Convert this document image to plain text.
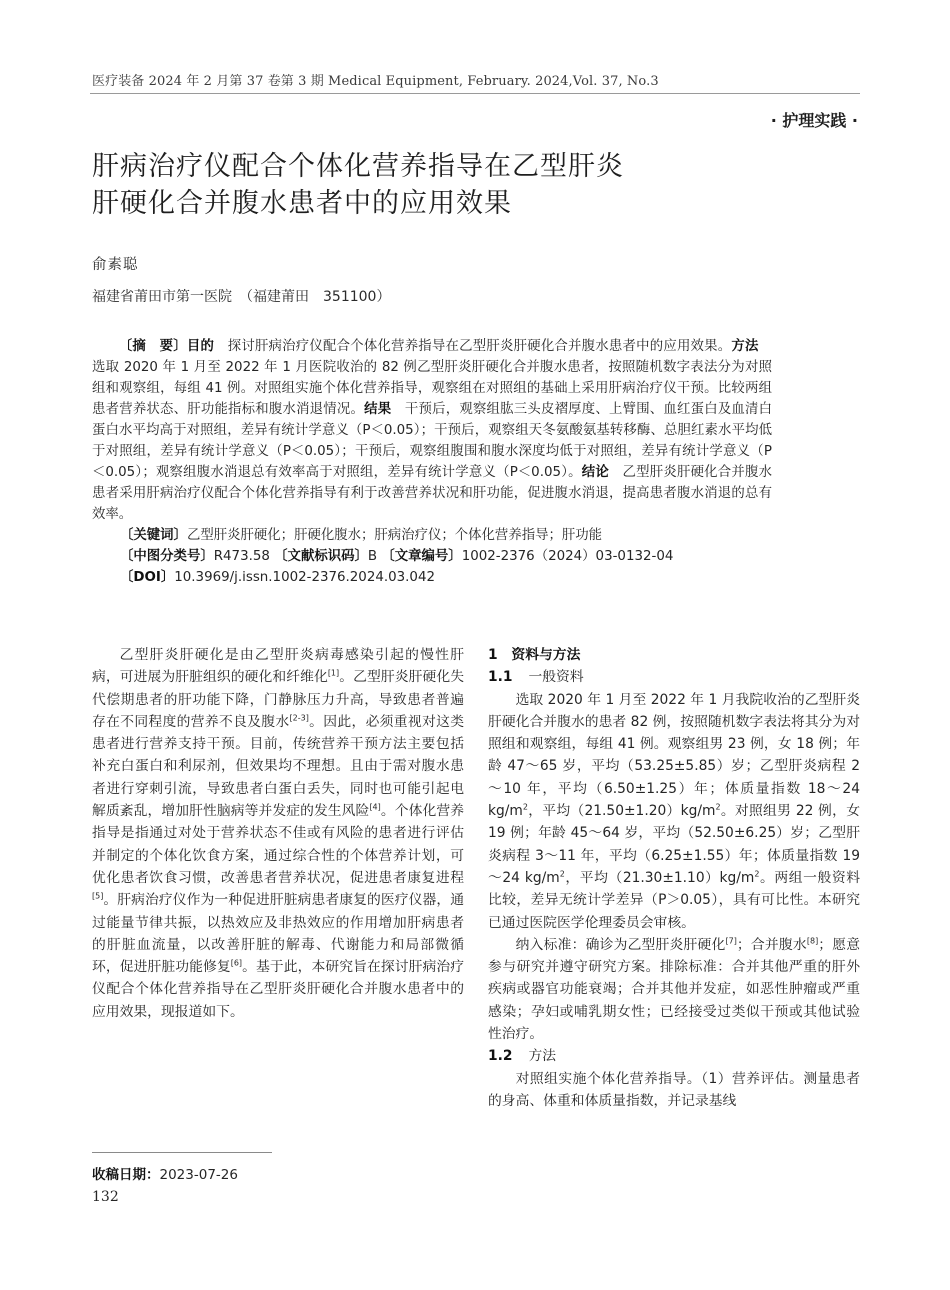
医疗装备 2024 年 2 月第 37 卷第 3 期 Medical Equipment, February. 2024,Vol. 37, No.3
· 护理实践 ·
肝病治疗仪配合个体化营养指导在乙型肝炎
肝硬化合并腹水患者中的应用效果
俞素聪
福建省莆田市第一医院　（福建莆田　351100）

〔摘　要〕目的　探讨肝病治疗仪配合个体化营养指导在乙型肝炎肝硬化合并腹水患者中的应用效果。方法　选取 2020 年 1 月至 2022 年 1 月医院收治的 82 例乙型肝炎肝硬化合并腹水患者，按照随机数字表法分为对照组和观察组，每组 41 例。对照组实施个体化营养指导，观察组在对照组的基础上采用肝病治疗仪干预。比较两组患者营养状态、肝功能指标和腹水消退情况。结果　干预后，观察组肱三头皮褶厚度、上臂围、血红蛋白及血清白蛋白水平均高于对照组，差异有统计学意义（P＜0.05）；干预后，观察组天冬氨酸氨基转移酶、总胆红素水平均低于对照组，差异有统计学意义（P＜0.05）；干预后，观察组腹围和腹水深度均低于对照组，差异有统计学意义（P＜0.05）；观察组腹水消退总有效率高于对照组，差异有统计学意义（P＜0.05）。结论　乙型肝炎肝硬化合并腹水患者采用肝病治疗仪配合个体化营养指导有利于改善营养状况和肝功能，促进腹水消退，提高患者腹水消退的总有效率。

〔关键词〕乙型肝炎肝硬化；肝硬化腹水；肝病治疗仪；个体化营养指导；肝功能
〔中图分类号〕R473.58 〔文献标识码〕B 〔文章编号〕1002-2376（2024）03-0132-04
〔DOI〕10.3969/j.issn.1002-2376.2024.03.042

乙型肝炎肝硬化是由乙型肝炎病毒感染引起的慢性肝病，可进展为肝脏组织的硬化和纤维化[1]。乙型肝炎肝硬化失代偿期患者的肝功能下降，门静脉压力升高，导致患者普遍存在不同程度的营养不良及腹水[2-3]。因此，必须重视对这类患者进行营养支持干预。目前，传统营养干预方法主要包括补充白蛋白和利尿剂，但效果均不理想。且由于需对腹水患者进行穿刺引流，导致患者白蛋白丢失，同时也可能引起电解质紊乱，增加肝性脑病等并发症的发生风险[4]。个体化营养指导是指通过对处于营养状态不佳或有风险的患者进行评估并制定的个体化饮食方案，通过综合性的个体营养计划，可优化患者饮食习惯，改善患者营养状况，促进患者康复进程[5]。肝病治疗仪作为一种促进肝脏病患者康复的医疗仪器，通过能量节律共振，以热效应及非热效应的作用增加肝病患者的肝脏血流量，以改善肝脏的解毒、代谢能力和局部微循环，促进肝脏功能修复[6]。基于此，本研究旨在探讨肝病治疗仪配合个体化营养指导在乙型肝炎肝硬化合并腹水患者中的应用效果，现报道如下。

1　资料与方法

1.1 一般资料

选取 2020 年 1 月至 2022 年 1 月我院收治的乙型肝炎肝硬化合并腹水的患者 82 例，按照随机数字表法将其分为对照组和观察组，每组 41 例。观察组男 23 例，女 18 例；年龄 47～65 岁，平均（53.25±5.85）岁；乙型肝炎病程 2～10 年，平均（6.50±1.25）年；体质量指数 18～24 $kg/m^2$，平均$(21.50\pm 1.20)kg/m^2$。对照组男 22 例，女 19 例；年龄 45～64 岁，平均（52.50±6.25）岁；乙型肝炎病程 3～11 年，平均（6.25±1.55）年；体质量指数 19～24 $kg/m^2$，平均$(21.30\pm 1.10)kg/m^2$。两组一般资料比较，差异无统计学差异（P＞0.05），具有可比性。本研究已通过医院医学伦理委员会审核。

纳入标准：确诊为乙型肝炎肝硬化[7]；合并腹水[8]；愿意参与研究并遵守研究方案。排除标准：合并其他严重的肝外疾病或器官功能衰竭；合并其他并发症，如恶性肿瘤或严重感染；孕妇或哺乳期女性；已经接受过类似干预或其他试验性治疗。

1.2 方法

对照组实施个体化营养指导。（1）营养评估。测量患者的身高、体重和体质量指数，并记录基线

收稿日期：2023-07-26
132
